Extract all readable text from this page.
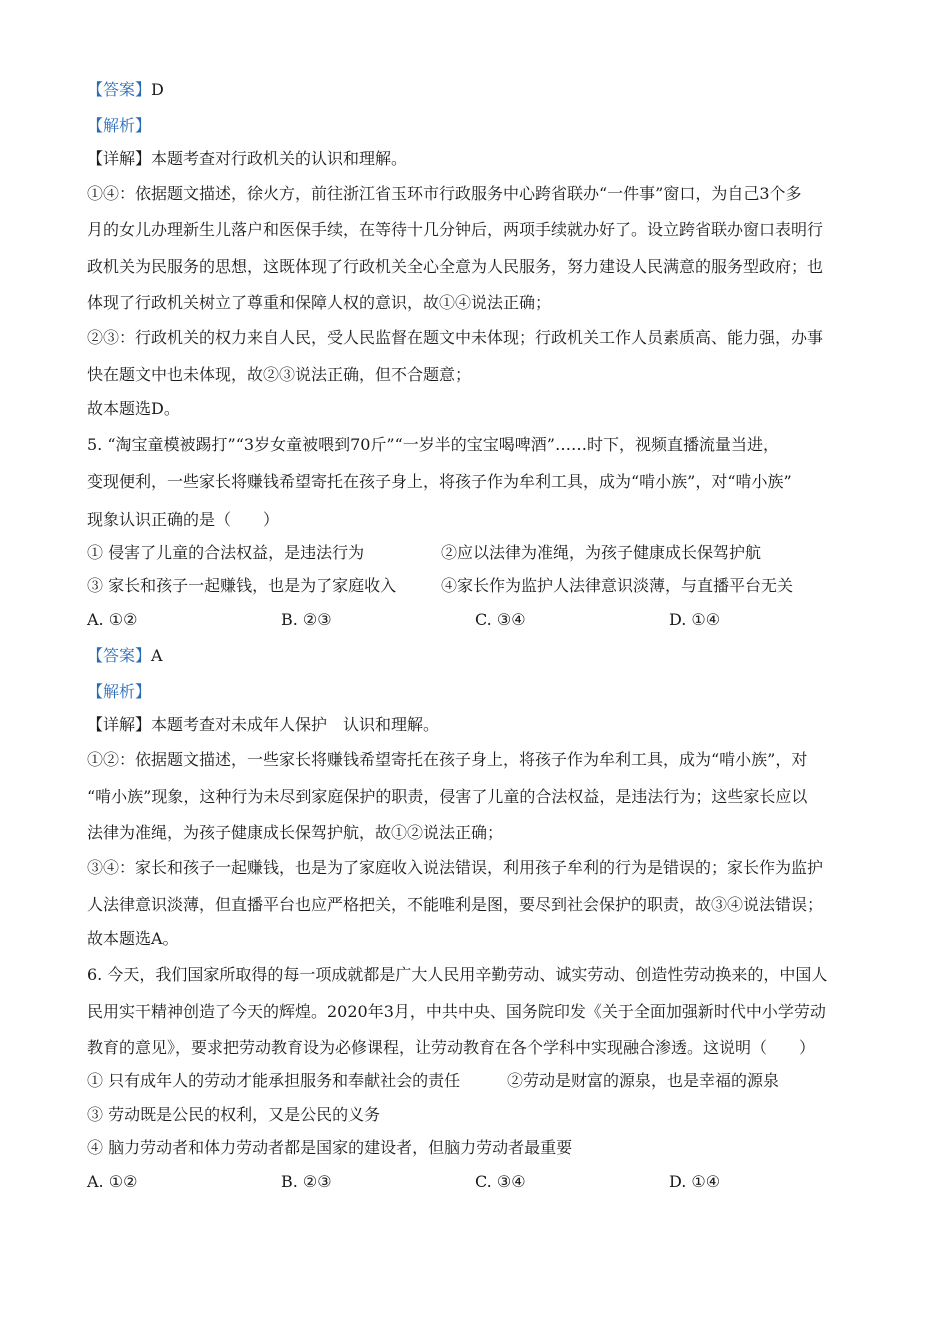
【答案】D
【解析】
【详解】本题考查对行政机关的认识和理解。
①④：依据题文描述，徐火方，前往浙江省玉环市行政服务中心跨省联办“一件事”窗口，为自己3个多
月的女儿办理新生儿落户和医保手续，在等待十几分钟后，两项手续就办好了。设立跨省联办窗口表明行
政机关为民服务的思想，这既体现了行政机关全心全意为人民服务，努力建设人民满意的服务型政府；也
体现了行政机关树立了尊重和保障人权的意识，故①④说法正确；
②③：行政机关的权力来自人民，受人民监督在题文中未体现；行政机关工作人员素质高、能力强，办事
快在题文中也未体现，故②③说法正确，但不合题意；
故本题选D。
5. “淘宝童模被踢打”“3岁女童被喂到70斤”“一岁半的宝宝喝啤酒”……时下，视频直播流量当进，
变现便利，一些家长将赚钱希望寄托在孩子身上，将孩子作为牟利工具，成为“啃小族”，对“啃小族”
现象认识正确的是（　　）
① 侵害了儿童的合法权益，是违法行为	②应以法律为准绳，为孩子健康成长保驾护航
③ 家长和孩子一起赚钱，也是为了家庭收入	④家长作为监护人法律意识淡薄，与直播平台无关
A. ①②	B. ②③	C. ③④	D. ①④
【答案】A
【解析】
【详解】本题考查对未成年人保护　认识和理解。
①②：依据题文描述，一些家长将赚钱希望寄托在孩子身上，将孩子作为牟利工具，成为“啃小族”，对
“啃小族”现象，这种行为未尽到家庭保护的职责，侵害了儿童的合法权益，是违法行为；这些家长应以
法律为准绳，为孩子健康成长保驾护航，故①②说法正确；
③④：家长和孩子一起赚钱，也是为了家庭收入说法错误，利用孩子牟利的行为是错误的；家长作为监护
人法律意识淡薄，但直播平台也应严格把关，不能唯利是图，要尽到社会保护的职责，故③④说法错误；
故本题选A。
6. 今天，我们国家所取得的每一项成就都是广大人民用辛勤劳动、诚实劳动、创造性劳动换来的，中国人
民用实干精神创造了今天的辉煌。2020年3月，中共中央、国务院印发《关于全面加强新时代中小学劳动
教育的意见》，要求把劳动教育设为必修课程，让劳动教育在各个学科中实现融合渗透。这说明（　　）
① 只有成年人的劳动才能承担服务和奉献社会的责任	②劳动是财富的源泉，也是幸福的源泉
③ 劳动既是公民的权利，又是公民的义务
④ 脑力劳动者和体力劳动者都是国家的建设者，但脑力劳动者最重要
A. ①②	B. ②③	C. ③④	D. ①④
